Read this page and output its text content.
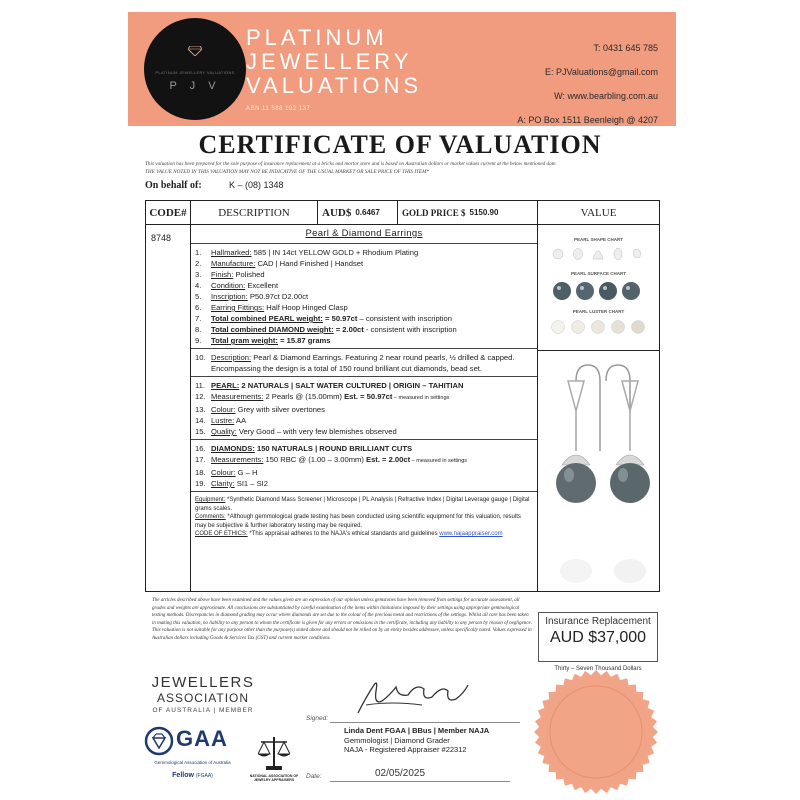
PLATINUM JEWELLERY VALUATIONS
P J V
PLATINUM
JEWELLERY
VALUATIONS
ABN 11 588 192 137
T: 0431 645 785
E: PJValuations@gmail.com
W: www.bearbling.com.au
A: PO Box 1511 Beenleigh @ 4207
CERTIFICATE OF VALUATION
This valuation has been prepared for the sole purpose of insurance replacement at a bricks and mortar store and is based on Australian dollars or market values current at the below mentioned date.
THE VALUE NOTED IN THIS VALUATION MAY NOT BE INDICATIVE OF THE USUAL MARKET OR SALE PRICE OF THIS ITEM*
On behalf of:	K – (08) 1348
CODE#	DESCRIPTION	AUD$ 0.6467 GOLD PRICE $ 5150.90	VALUE
8748	Pearl & Diamond Earrings
1.	Hallmarked: 585 | IN 14ct YELLOW GOLD + Rhodium Plating
2.	Manufacture: CAD | Hand Finished | Handset
3.	Finish: Polished
4.	Condition: Excellent
5.	Inscription: P50.97ct D2.00ct
6.	Earring Fittings: Half Hoop Hinged Clasp
7.	Total combined PEARL weight: = 50.97ct – consistent with inscription
8.	Total combined DIAMOND weight: = 2.00ct - consistent with inscription
9.	Total gram weight: = 15.87 grams
10. Description: Pearl & Diamond Earrings. Featuring 2 near round pearls, ½ drilled & capped. Encompassing the design is a total of 150 round brilliant cut diamonds, bead set.
11. PEARL: 2 NATURALS | SALT WATER CULTURED | ORIGIN – TAHITIAN
12. Measurements: 2 Pearls @ (15.00mm) Est. = 50.97ct – measured in settings
13. Colour: Grey with silver overtones
14. Lustre: AA
15. Quality: Very Good – with very few blemishes observed
16. DIAMONDS: 150 NATURALS | ROUND BRILLIANT CUTS
17. Measurements: 150 RBC @ (1.00 – 3.00mm) Est. = 2.00ct – measured in settings
18. Colour: G – H
19. Clarity: SI1 – SI2
Equipment: *Synthetic Diamond Mass Screener | Microscope | PL Analysis | Refractive Index | Digital Leverage gauge | Digital grams scales.
Comments: *Although gemmological grade testing has been conducted using scientific equipment for this valuation, results may be subjective & further laboratory testing may be required.
CODE OF ETHICS: *This appraisal adheres to the NAJA's ethical standards and guidelines www.najaappraiser.com
PEARL SHAPE CHART
PEARL SURFACE CHART
PEARL LUSTER CHART
The articles described above have been examined and the values given are an expression of our opinion unless gemstones have been removed from settings for accurate assessment, all grades and weights are approximate. All conclusions are substantiated by careful examination of the items within limitations imposed by their settings using appropriate gemmological testing methods. Discrepancies in diamond grading may occur where diamonds are set due to the colour of the precious metal and restrictions of the settings. Whilst all care has been taken in making this valuation, no liability to any person to whom the certificate is given for any errors or omissions in the certificate, including any liability to any person by reason of negligence. This valuation is not suitable for any purpose other than the purpose(s) stated above and should not be relied on by an entity besides addressee, unless specifically noted. Values expressed in Australian dollars including Goods & Services Tax (GST) and current market conditions.
Insurance Replacement
AUD $37,000
Thirty – Seven Thousand Dollars
JEWELLERS
ASSOCIATION
OF AUSTRALIA | MEMBER
GAA
Gemmological Association of Australia
Fellow (FGAA)	NATIONAL ASSOCIATION OF
JEWELRY APPRAISERS
Signed:
Linda Dent FGAA | BBus | Member NAJA
Gemmologist | Diamond Grader
NAJA - Registered Appraiser #22312
Date:	02/05/2025
